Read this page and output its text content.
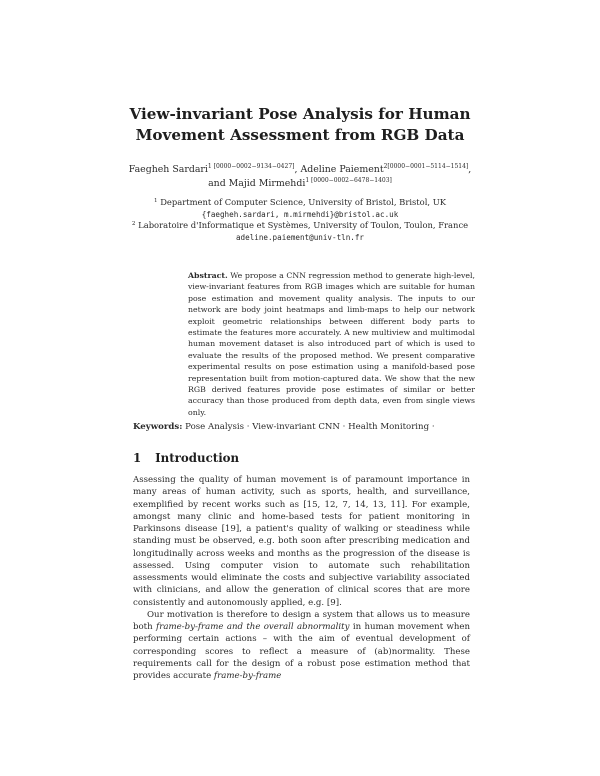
View-invariant Pose Analysis for Human
Movement Assessment from RGB Data
Faegheh Sardari$^{1 [0000-0002-9134-0427]}$, Adeline Paiement$^{2[0000-0001-5114-1514]}$,
and Majid Mirmehdi$^{1 [0000-0002-6478-1403]}$
$^1$ Department of Computer Science, University of Bristol, Bristol, UK
{faegheh.sardari, m.mirmehdi}@bristol.ac.uk
$^2$ Laboratoire d'Informatique et Systèmes, University of Toulon, Toulon, France
adeline.paiement@univ-tln.fr
Abstract. We propose a CNN regression method to generate high-level, view-invariant features from RGB images which are suitable for human pose estimation and movement quality analysis. The inputs to our network are body joint heatmaps and limb-maps to help our network exploit geometric relationships between different body parts to estimate the features more accurately. A new multiview and multimodal human movement dataset is also introduced part of which is used to evaluate the results of the proposed method. We present comparative experimental results on pose estimation using a manifold-based pose representation built from motion-captured data. We show that the new RGB derived features provide pose estimates of similar or better accuracy than those produced from depth data, even from single views only.
Keywords: Pose Analysis · View-invariant CNN · Health Monitoring ·
1 Introduction

Assessing the quality of human movement is of paramount importance in many areas of human activity, such as sports, health, and surveillance, exemplified by recent works such as [15, 12, 7, 14, 13, 11]. For example, amongst many clinic and home-based tests for patient monitoring in Parkinsons disease [19], a patient's quality of walking or steadiness while standing must be observed, e.g. both soon after prescribing medication and longitudinally across weeks and months as the progression of the disease is assessed. Using computer vision to automate such rehabilitation assessments would eliminate the costs and subjective variability associated with clinicians, and allow the generation of clinical scores that are more consistently and autonomously applied, e.g. [9].

Our motivation is therefore to design a system that allows us to measure both frame-by-frame and the overall abnormality in human movement when performing certain actions – with the aim of eventual development of corresponding scores to reflect a measure of (ab)normality. These requirements call for the design of a robust pose estimation method that provides accurate frame-by-frame
